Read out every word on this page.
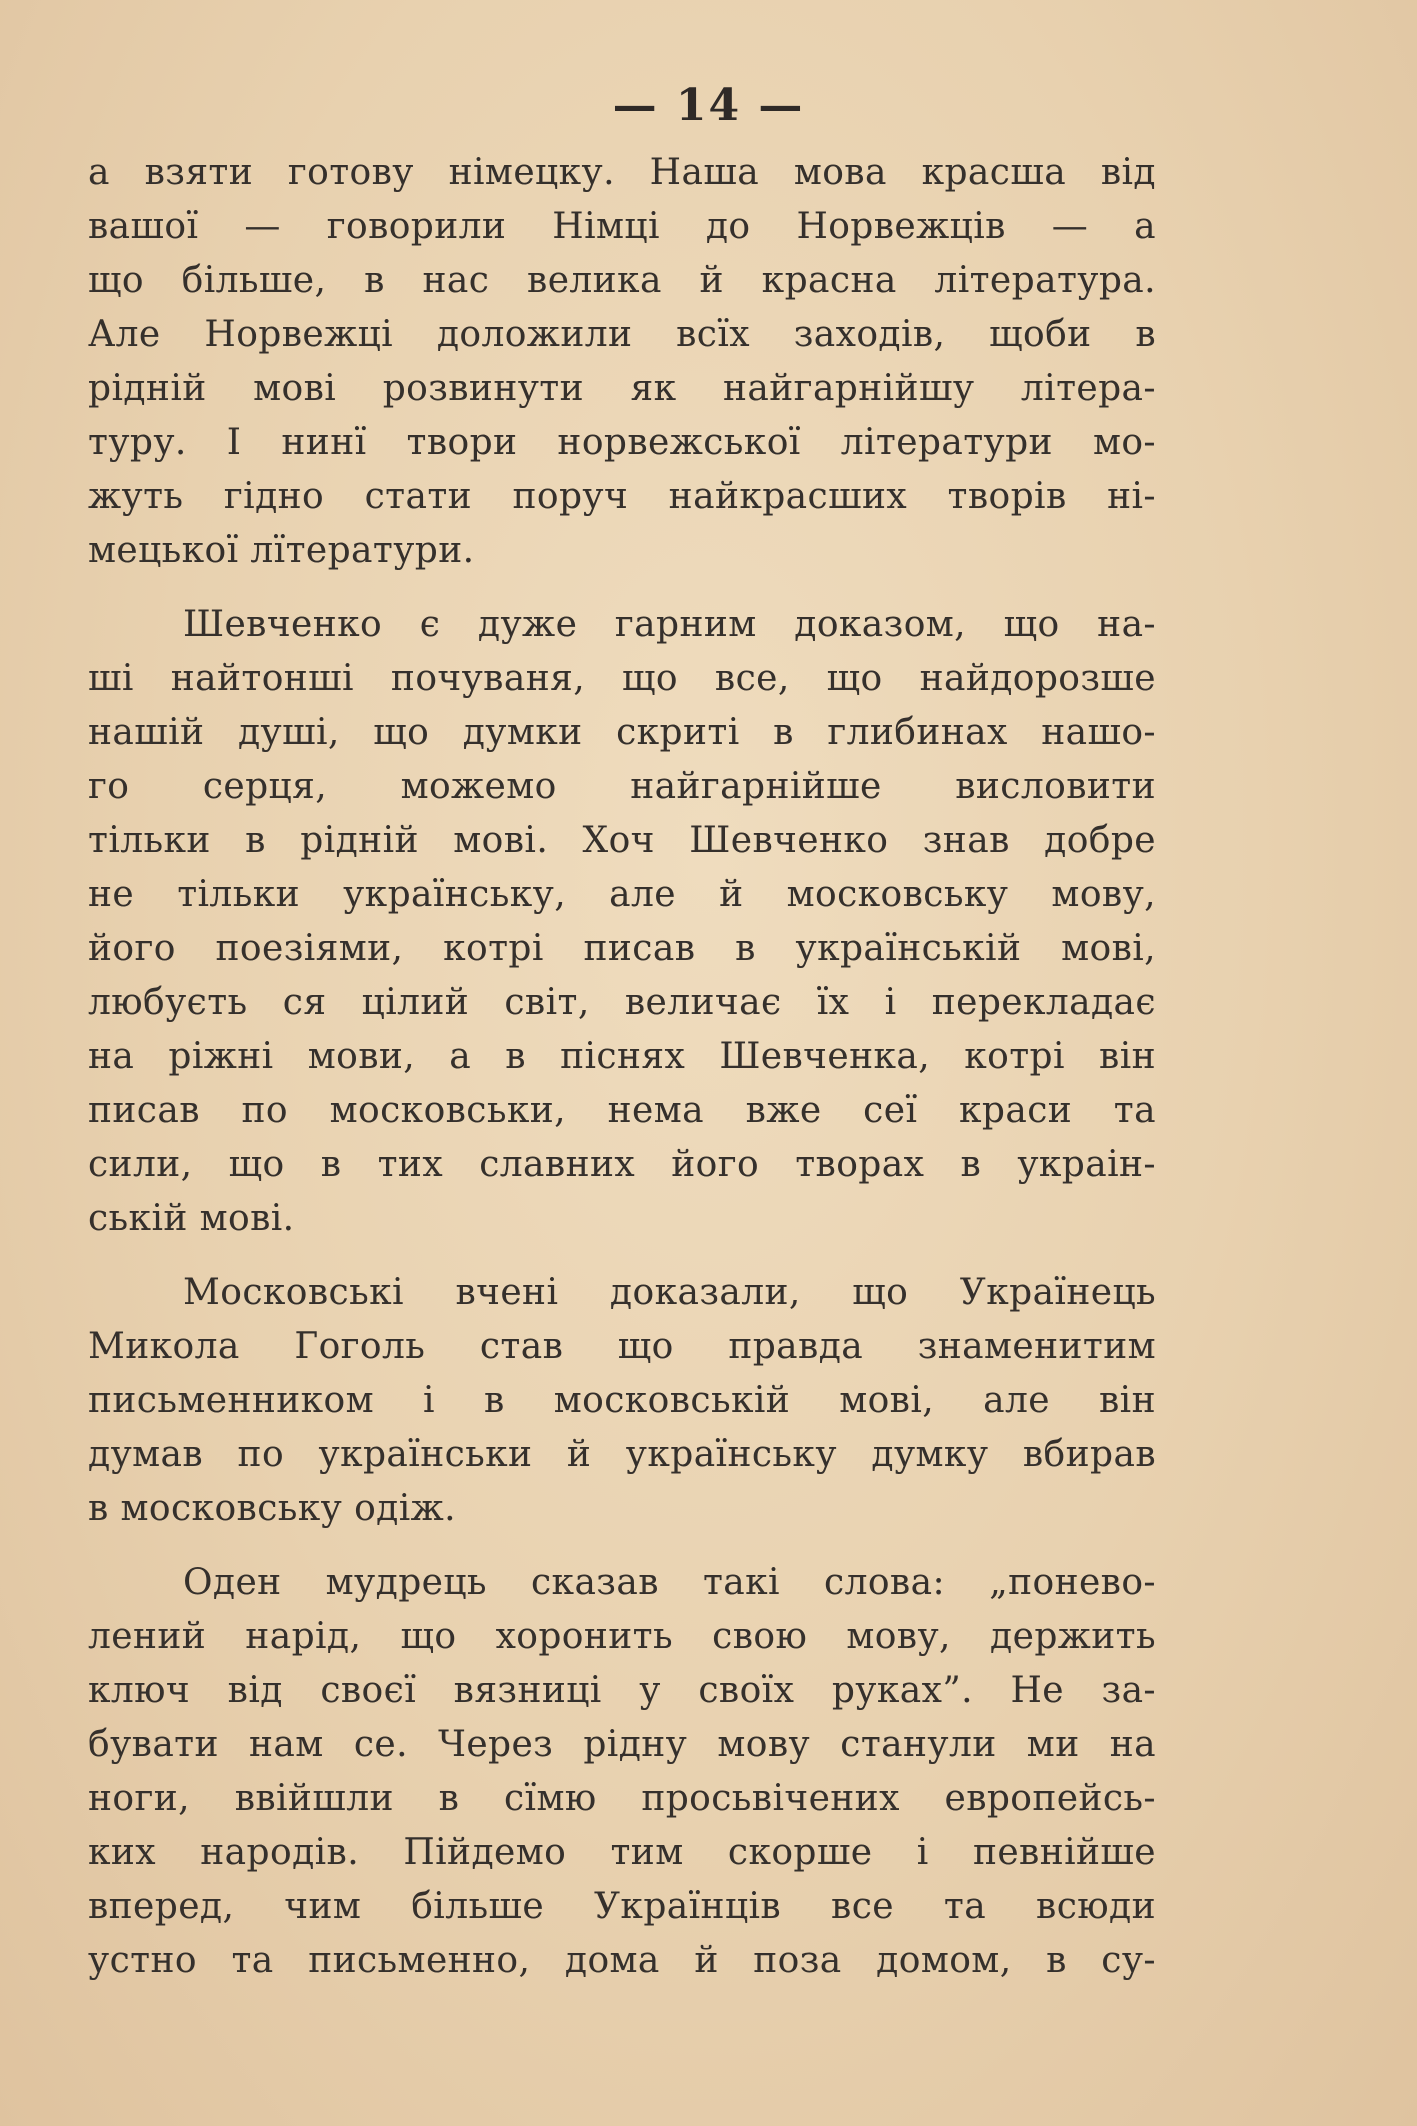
— 14 —
а взяти готову німецку. Наша мова красша від
вашої — говорили Німці до Норвежців — а
що більше, в нас велика й красна література.
Але Норвежці доложили всїх заходів, щоби в
рідній мові розвинути як найгарнійшу літера-
туру. І нинї твори норвежської літератури мо-
жуть гідно стати поруч найкрасших творів ні-
мецької лїтератури.
Шевченко є дуже гарним доказом, що на-
ші найтонші почуваня, що все, що найдорозше
нашій душі, що думки скриті в глибинах нашо-
го серця, можемо найгарнійше висловити
тільки в рідній мові. Хоч Шевченко знав добре
не тільки українську, але й московську мову,
його поезіями, котрі писав в українській мові,
любуєть ся цілий світ, величає їх і перекладає
на ріжні мови, а в піснях Шевченка, котрі він
писав по московськи, нема вже сеї краси та
сили, що в тих славних його творах в украін-
ській мові.
Московські вчені доказали, що Українець
Микола Гоголь став що правда знаменитим
письменником і в московській мові, але він
думав по українськи й українську думку вбирав
в московську одіж.
Оден мудрець сказав такі слова: „понево-
лений нарід, що хоронить свою мову, держить
ключ від своєї вязниці у своїх руках”. Не за-
бувати нам се. Через рідну мову станули ми на
ноги, ввійшли в сїмю просьвічених европейсь-
ких народів. Пійдемо тим скорше і певнійше
вперед, чим більше Українців все та всюди
устно та письменно, дома й поза домом, в су-
